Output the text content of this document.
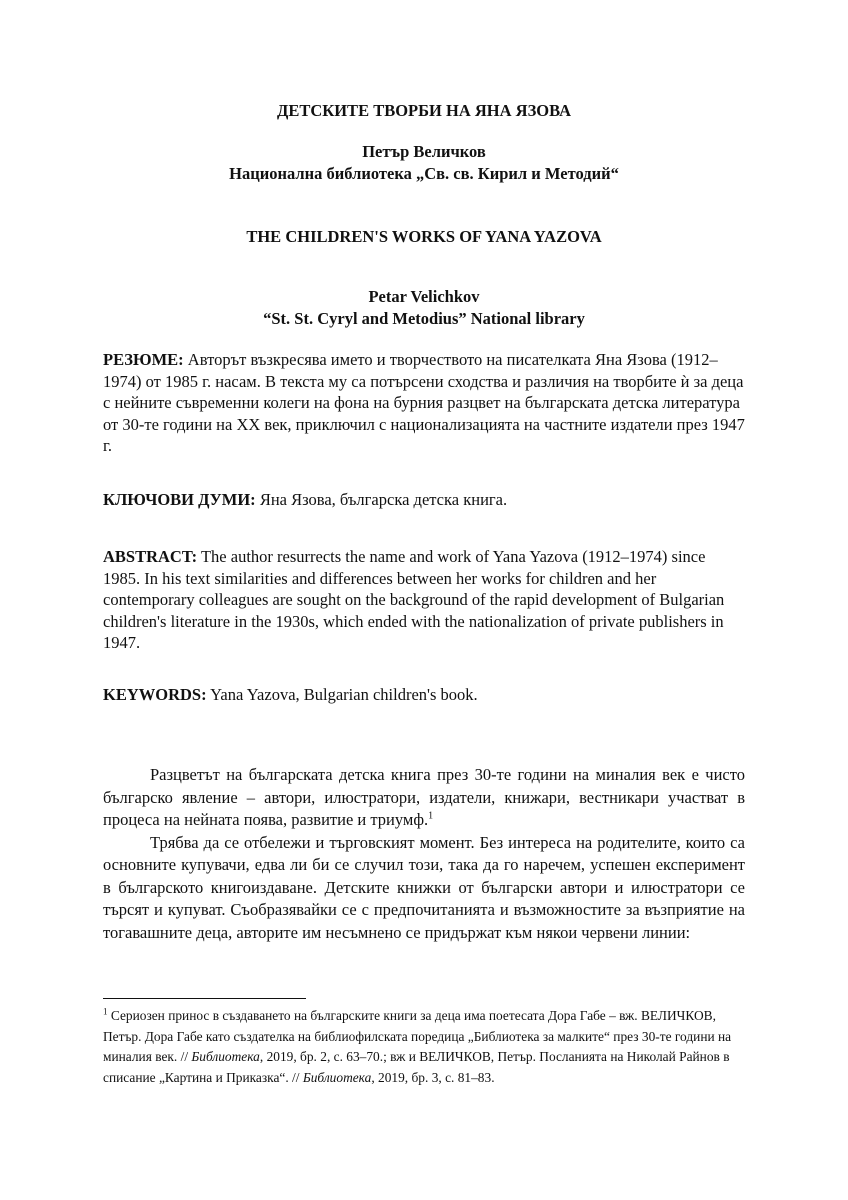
ДЕТСКИТЕ ТВОРБИ НА ЯНА ЯЗОВА
Петър Величков
Национална библиотека „Св. св. Кирил и Методий“
THE CHILDREN'S WORKS OF YANA YAZOVA
Petar Velichkov
“St. St. Cyryl and Metodius” National library
РЕЗЮМЕ: Авторът възкресява името и творчеството на писателката Яна Язова (1912–1974) от 1985 г. насам. В текста му са потърсени сходства и различия на творбите ѝ за деца с нейните съвременни колеги на фона на бурния разцвет на българската детска литература от 30-те години на XX век, приключил с национализацията на частните издатели през 1947 г.
КЛЮЧОВИ ДУМИ: Яна Язова, българска детска книга.
ABSTRACT: The author resurrects the name and work of Yana Yazova (1912–1974) since 1985. In his text similarities and differences between her works for children and her contemporary colleagues are sought on the background of the rapid development of Bulgarian children's literature in the 1930s, which ended with the nationalization of private publishers in 1947.
KEYWORDS: Yana Yazova, Bulgarian children's book.

Разцветът на българската детска книга през 30-те години на миналия век е чисто българско явление – автори, илюстратори, издатели, книжари, вестникари участват в процеса на нейната поява, развитие и триумф.$^1$

Трябва да се отбележи и търговският момент. Без интереса на родителите, които са основните купувачи, едва ли би се случил този, така да го наречем, успешен експеримент в българското книгоиздаване. Детските книжки от български автори и илюстратори се търсят и купуват. Съобразявайки се с предпочитанията и възможностите за възприятие на тогавашните деца, авторите им несъмнено се придържат към някои червени линии:

$^1$ Сериозен принос в създаването на българските книги за деца има поетесата Дора Габе – вж. ВЕЛИЧКОВ, Петър. Дора Габе като създателка на библиофилската поредица „Библиотека за малките“ през 30-те години на миналия век. // Библиотека, 2019, бр. 2, с. 63–70.; вж и ВЕЛИЧКОВ, Петър. Посланията на Николай Райнов в списание „Картина и Приказка“. // Библиотека, 2019, бр. 3, с. 81–83.
